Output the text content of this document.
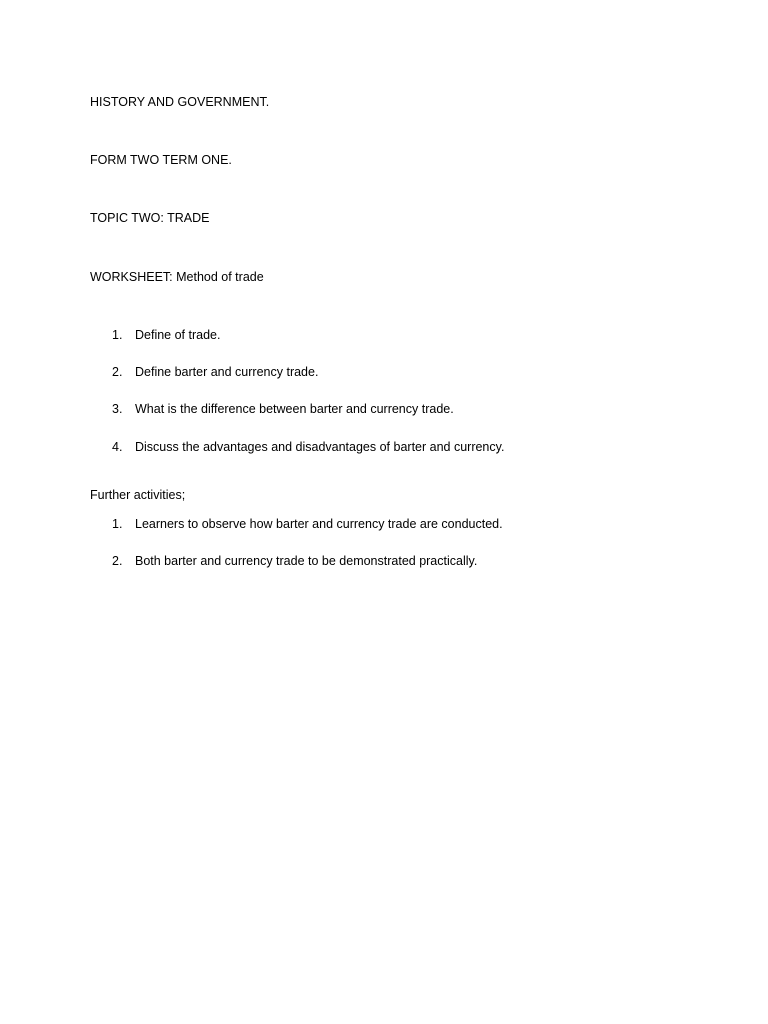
HISTORY AND GOVERNMENT.
FORM TWO TERM ONE.
TOPIC TWO: TRADE
WORKSHEET: Method of trade
1. Define of trade.
2. Define barter and currency trade.
3. What is the difference between barter and currency trade.
4. Discuss the advantages and disadvantages of barter and currency.
Further activities;
1. Learners to observe how barter and currency trade are conducted.
2. Both barter and currency trade to be demonstrated practically.
